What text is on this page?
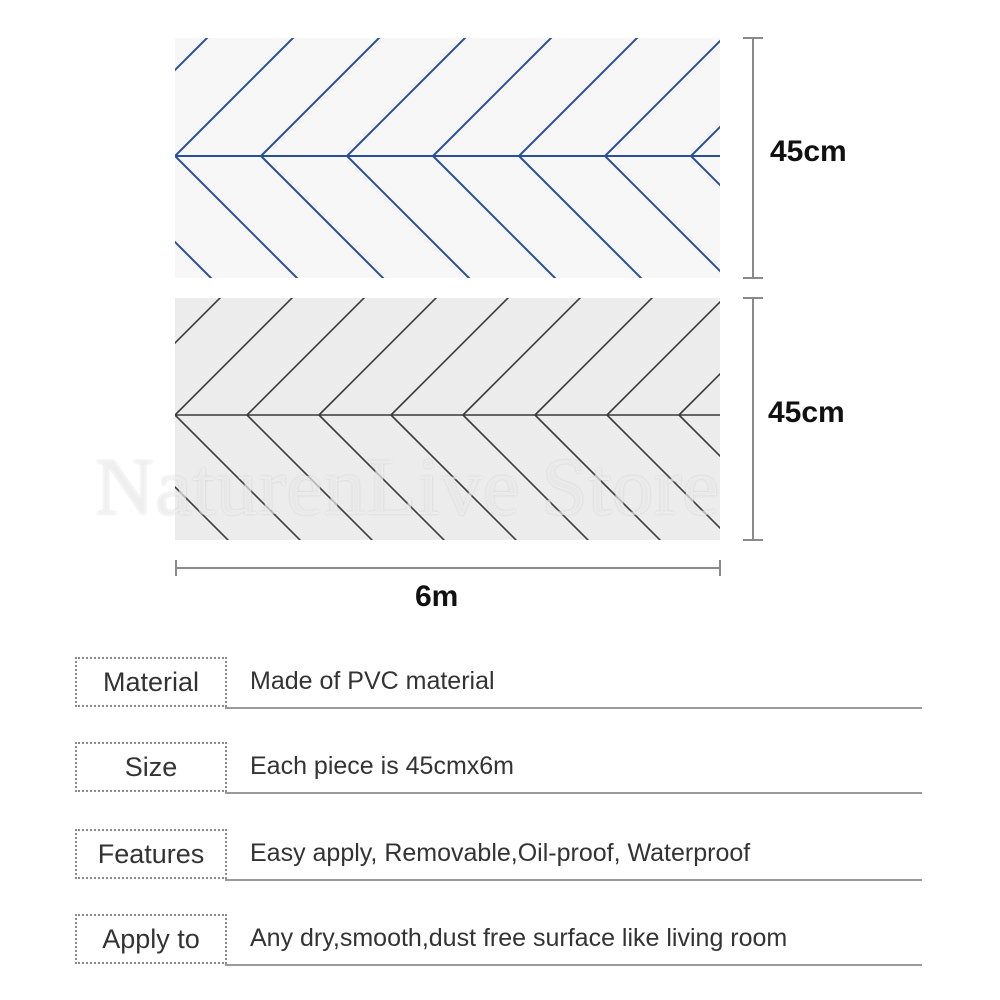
45cm
45cm
6m
NaturenLive Store
Material	Made of PVC material
Size	Each piece is 45cmx6m
Features	Easy apply, Removable,Oil-proof, Waterproof
Apply to	Any dry,smooth,dust free surface like living room
